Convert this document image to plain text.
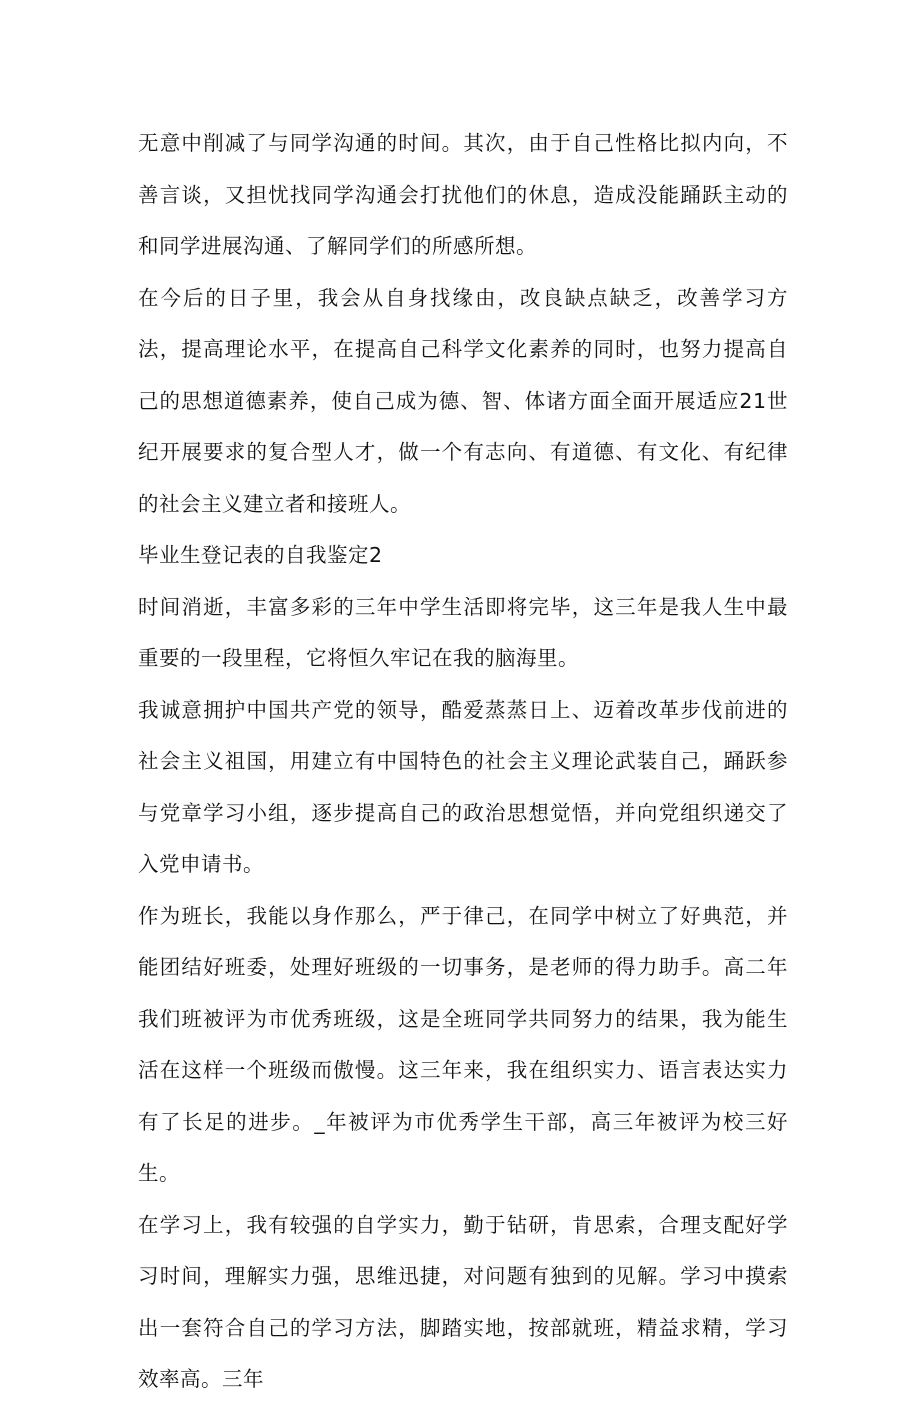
无意中削减了与同学沟通的时间。其次，由于自己性格比拟内向，不善言谈，又担忧找同学沟通会打扰他们的休息，造成没能踊跃主动的和同学进展沟通、了解同学们的所感所想。

在今后的日子里，我会从自身找缘由，改良缺点缺乏，改善学习方法，提高理论水平，在提高自己科学文化素养的同时，也努力提高自己的思想道德素养，使自己成为德、智、体诸方面全面开展适应21世纪开展要求的复合型人才，做一个有志向、有道德、有文化、有纪律的社会主义建立者和接班人。

毕业生登记表的自我鉴定2

时间消逝，丰富多彩的三年中学生活即将完毕，这三年是我人生中最重要的一段里程，它将恒久牢记在我的脑海里。

我诚意拥护中国共产党的领导，酷爱蒸蒸日上、迈着改革步伐前进的社会主义祖国，用建立有中国特色的社会主义理论武装自己，踊跃参与党章学习小组，逐步提高自己的政治思想觉悟，并向党组织递交了入党申请书。

作为班长，我能以身作那么，严于律己，在同学中树立了好典范，并能团结好班委，处理好班级的一切事务，是老师的得力助手。高二年我们班被评为市优秀班级，这是全班同学共同努力的结果，我为能生活在这样一个班级而傲慢。这三年来，我在组织实力、语言表达实力有了长足的进步。_年被评为市优秀学生干部，高三年被评为校三好生。

在学习上，我有较强的自学实力，勤于钻研，肯思索，合理支配好学习时间，理解实力强，思维迅捷，对问题有独到的见解。学习中摸索出一套符合自己的学习方法，脚踏实地，按部就班，精益求精，学习效率高。三年
